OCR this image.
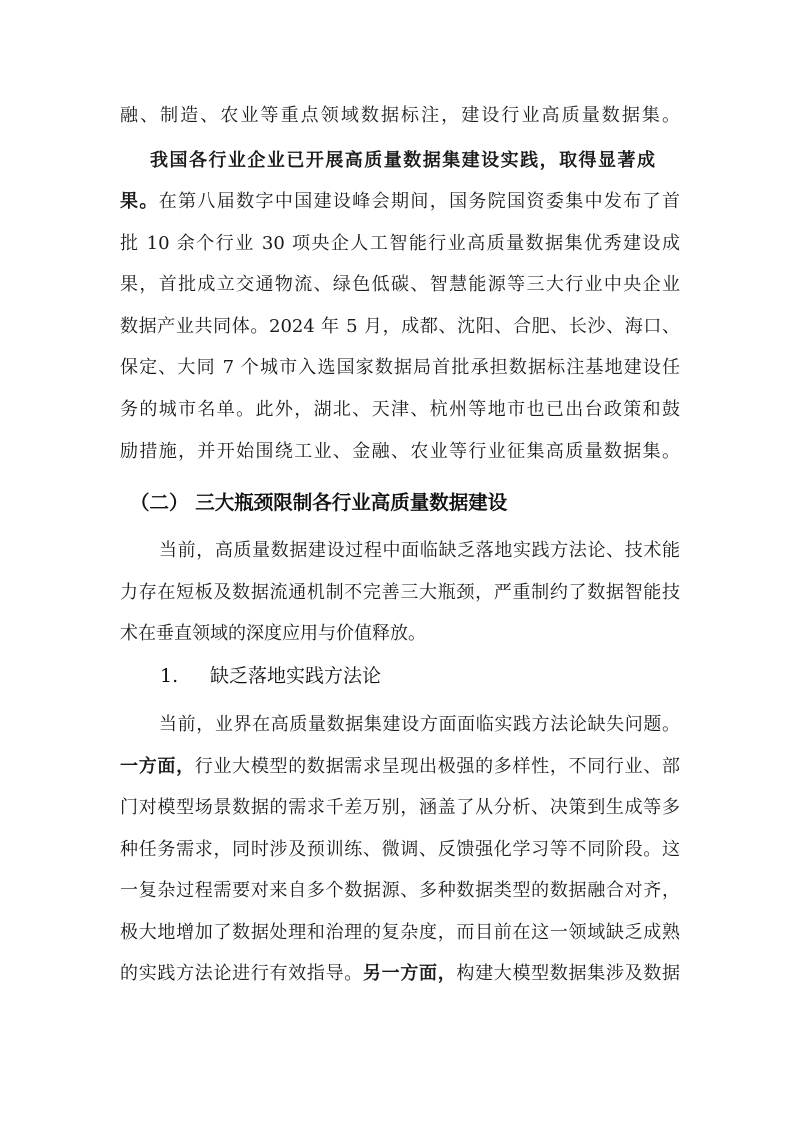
融、制造、农业等重点领域数据标注，建设行业高质量数据集。
我国各行业企业已开展高质量数据集建设实践，取得显著成
果。在第八届数字中国建设峰会期间，国务院国资委集中发布了首
批 10 余个行业 30 项央企人工智能行业高质量数据集优秀建设成
果，首批成立交通物流、绿色低碳、智慧能源等三大行业中央企业
数据产业共同体。2024 年 5 月，成都、沈阳、合肥、长沙、海口、
保定、大同 7 个城市入选国家数据局首批承担数据标注基地建设任
务的城市名单。此外，湖北、天津、杭州等地市也已出台政策和鼓
励措施，并开始围绕工业、金融、农业等行业征集高质量数据集。
（二） 三大瓶颈限制各行业高质量数据建设
当前，高质量数据建设过程中面临缺乏落地实践方法论、技术能
力存在短板及数据流通机制不完善三大瓶颈，严重制约了数据智能技
术在垂直领域的深度应用与价值释放。
1. 缺乏落地实践方法论
当前，业界在高质量数据集建设方面面临实践方法论缺失问题。
一方面，行业大模型的数据需求呈现出极强的多样性，不同行业、部
门对模型场景数据的需求千差万别，涵盖了从分析、决策到生成等多
种任务需求，同时涉及预训练、微调、反馈强化学习等不同阶段。这
一复杂过程需要对来自多个数据源、多种数据类型的数据融合对齐，
极大地增加了数据处理和治理的复杂度，而目前在这一领域缺乏成熟
的实践方法论进行有效指导。另一方面，构建大模型数据集涉及数据
